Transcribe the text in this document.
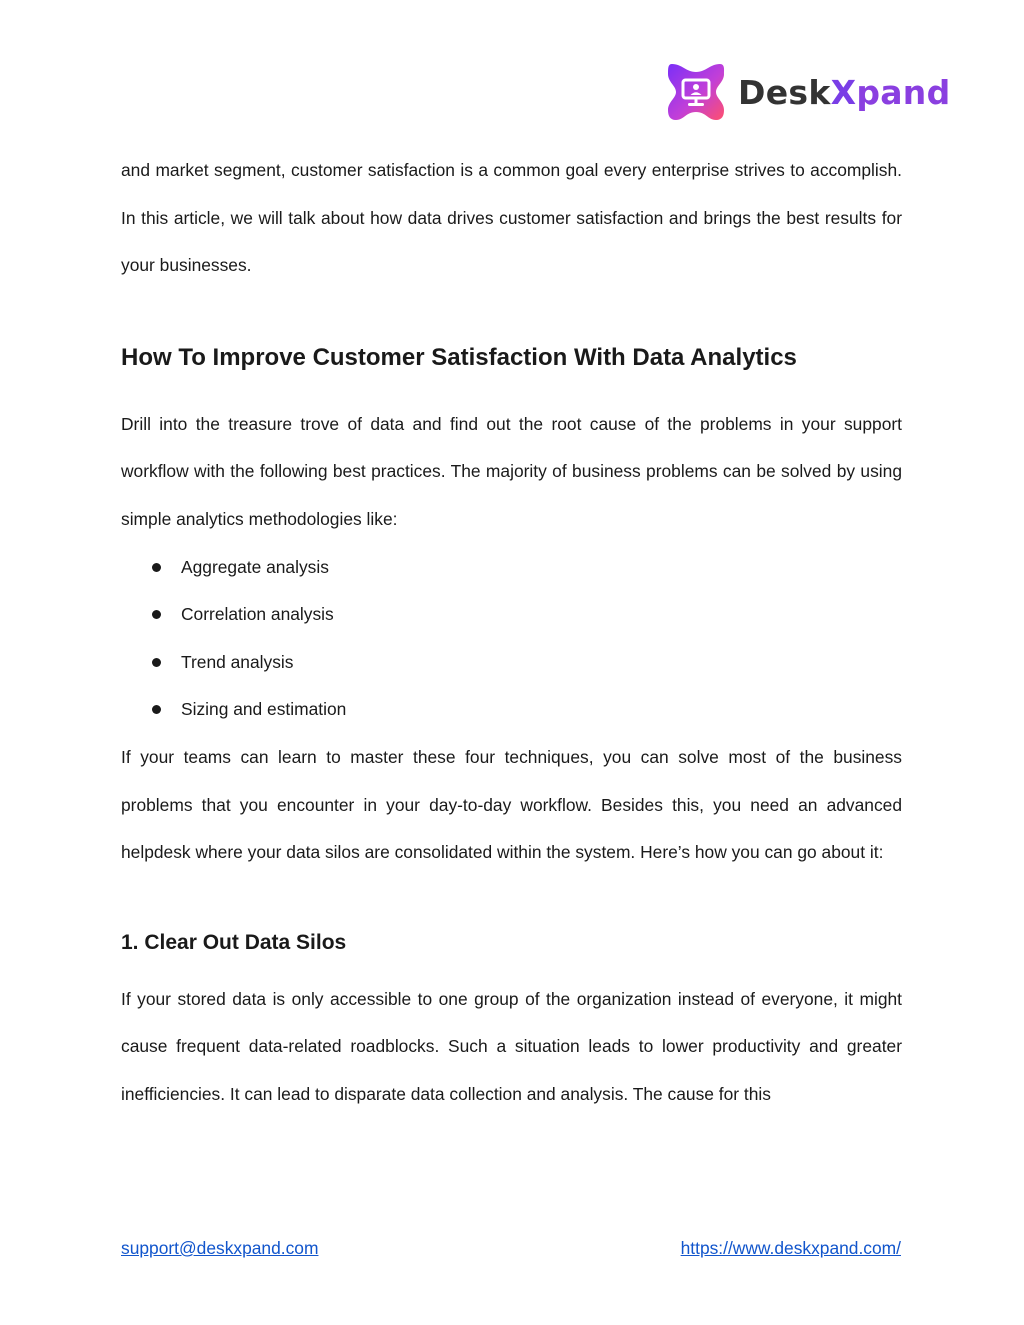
DeskXpand

and market segment, customer satisfaction is a common goal every enterprise strives to accomplish. In this article, we will talk about how data drives customer satisfaction and brings the best results for your businesses.

How To Improve Customer Satisfaction With Data Analytics

Drill into the treasure trove of data and find out the root cause of the problems in your support workflow with the following best practices. The majority of business problems can be solved by using simple analytics methodologies like:

Aggregate analysis
Correlation analysis
Trend analysis
Sizing and estimation

If your teams can learn to master these four techniques, you can solve most of the business problems that you encounter in your day-to-day workflow. Besides this, you need an advanced helpdesk where your data silos are consolidated within the system. Here’s how you can go about it:

1. Clear Out Data Silos

If your stored data is only accessible to one group of the organization instead of everyone, it might cause frequent data-related roadblocks. Such a situation leads to lower productivity and greater inefficiencies. It can lead to disparate data collection and analysis. The cause for this

support@deskxpand.com	https://www.deskxpand.com/
